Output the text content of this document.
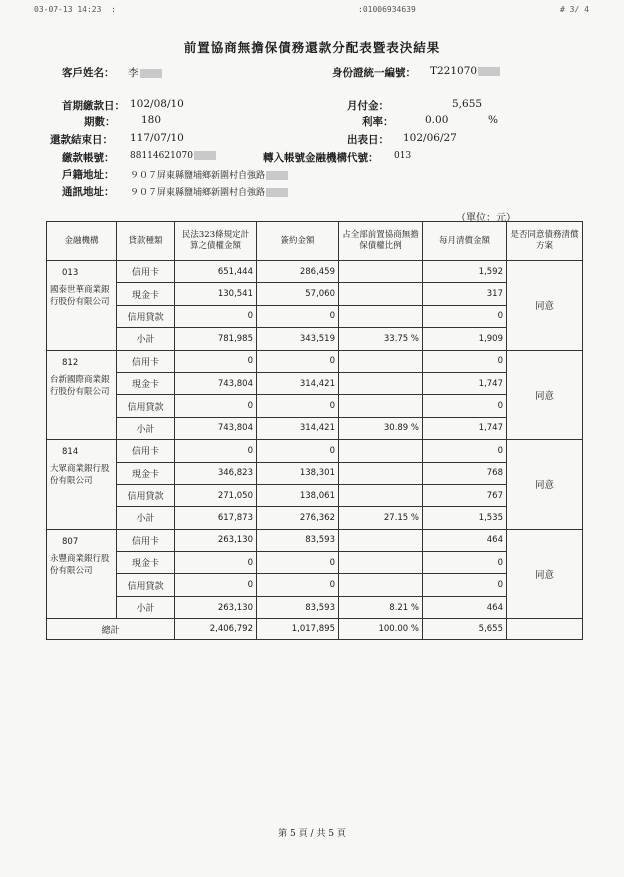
03-07-13 14:23  :	:01006934639	# 3/ 4
前置協商無擔保債務還款分配表暨表決結果
客戶姓名： 李	身份證統一編號： T221070
首期繳款日： 102/08/10	月付金：	5,655
期數： 180	利率：	0.00	%
還款結束日： 117/07/10	出表日： 102/06/27
繳款帳號： 88114621070	轉入帳號金融機構代號： 013
戶籍地址： ９０７屏東縣鹽埔鄉新圍村自強路
通訊地址： ９０７屏東縣鹽埔鄉新圍村自強路
（單位：元）
金融機構	貸款種類	民法323條規定計算之債權金額	簽約金額	占全部前置協商無擔保債權比例	每月清償金額	是否同意債務清償方案

013
國泰世華商業銀行股份有限公司	信用卡	651,444	286,459		1,592	同意
	現金卡	130,541	57,060		317	
	信用貸款	0	0		0	
	小計	781,985	343,519	33.75 %	1,909	

812
台新國際商業銀行股份有限公司	信用卡	0	0		0	同意
	現金卡	743,804	314,421		1,747	
	信用貸款	0	0		0	
	小計	743,804	314,421	30.89 %	1,747	

814
大眾商業銀行股份有限公司	信用卡	0	0		0	同意
	現金卡	346,823	138,301		768	
	信用貸款	271,050	138,061		767	
	小計	617,873	276,362	27.15 %	1,535	

807
永豐商業銀行股份有限公司	信用卡	263,130	83,593		464	同意
	現金卡	0	0		0	
	信用貸款	0	0		0	
	小計	263,130	83,593	8.21 %	464	
總計		2,406,792	1,017,895	100.00 %	5,655	
第 5 頁 / 共 5 頁
